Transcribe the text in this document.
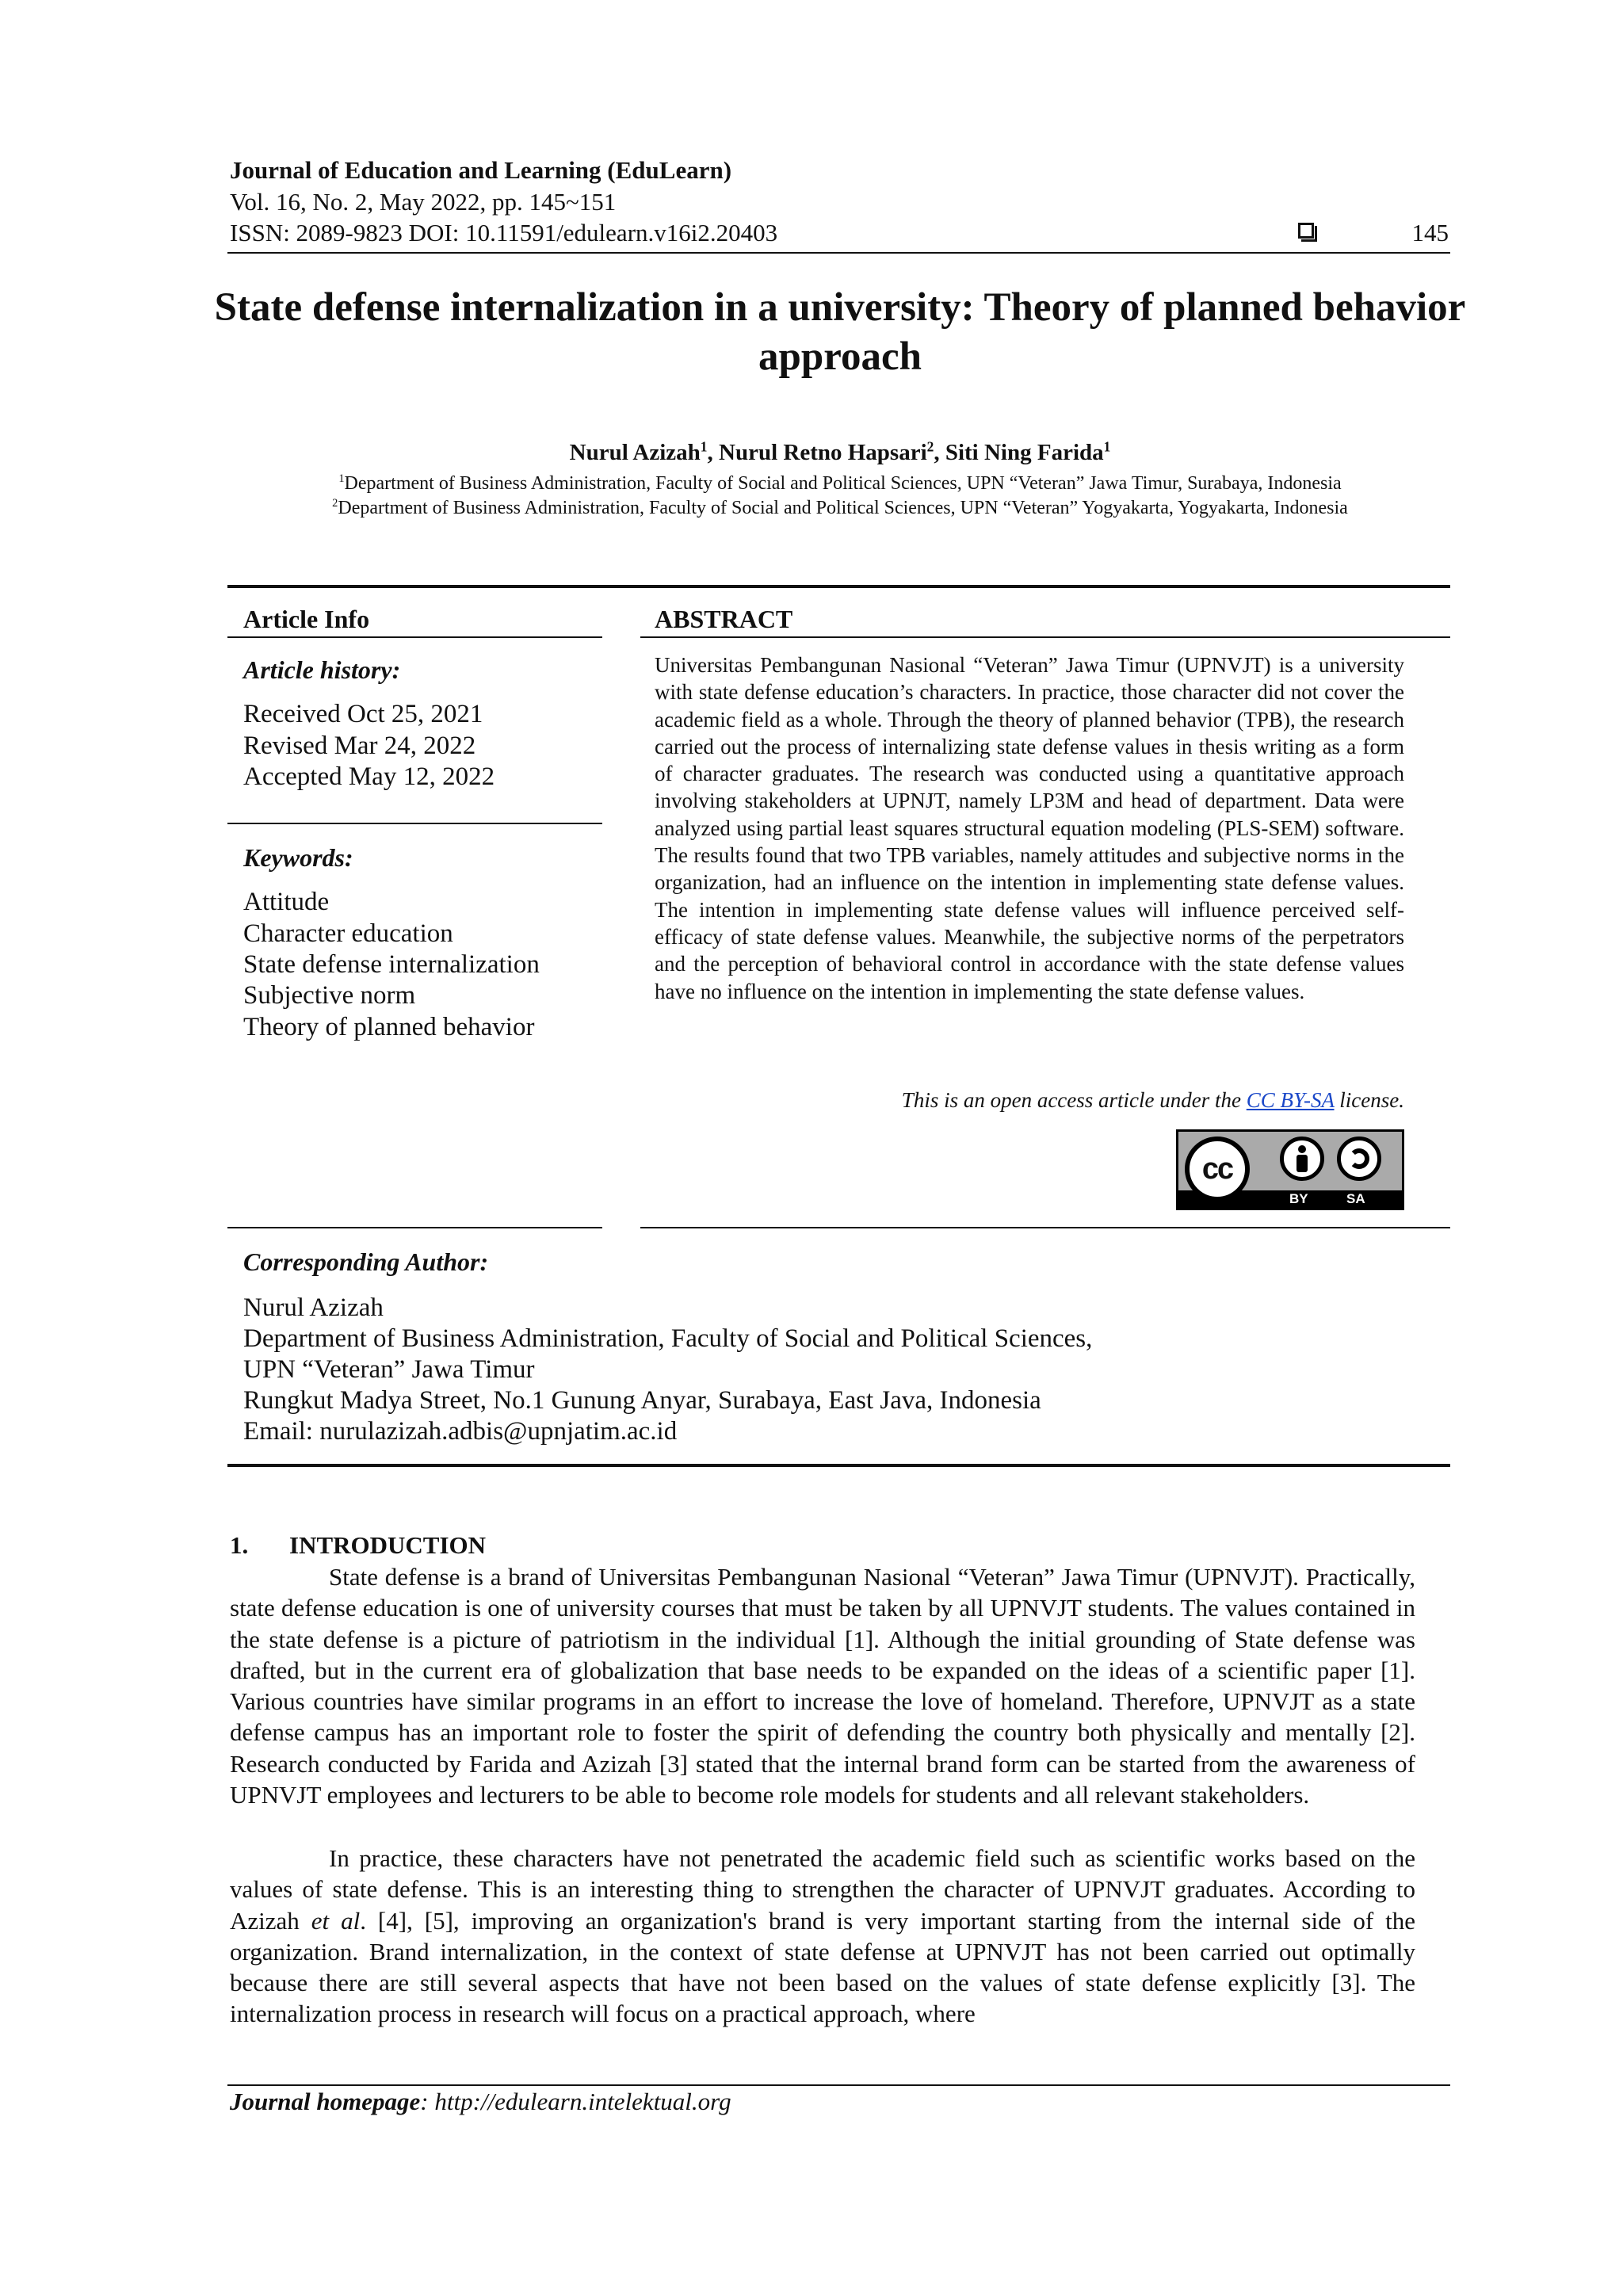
Journal of Education and Learning (EduLearn)
Vol. 16, No. 2, May 2022, pp. 145~151
ISSN: 2089-9823 DOI: 10.11591/edulearn.v16i2.20403	145
State defense internalization in a university: Theory of planned behavior approach
Nurul Azizah$^1$, Nurul Retno Hapsari$^2$, Siti Ning Farida$^1$
$^1$Department of Business Administration, Faculty of Social and Political Sciences, UPN “Veteran” Jawa Timur, Surabaya, Indonesia
$^2$Department of Business Administration, Faculty of Social and Political Sciences, UPN “Veteran” Yogyakarta, Yogyakarta, Indonesia
Article Info	ABSTRACT
Article history:
Received Oct 25, 2021
Revised Mar 24, 2022
Accepted May 12, 2022
Keywords:
Attitude
Character education
State defense internalization
Subjective norm
Theory of planned behavior
Universitas Pembangunan Nasional “Veteran” Jawa Timur (UPNVJT) is a university with state defense education’s characters. In practice, those character did not cover the academic field as a whole. Through the theory of planned behavior (TPB), the research carried out the process of internalizing state defense values in thesis writing as a form of character graduates. The research was conducted using a quantitative approach involving stakeholders at UPNJT, namely LP3M and head of department. Data were analyzed using partial least squares structural equation modeling (PLS-SEM) software. The results found that two TPB variables, namely attitudes and subjective norms in the organization, had an influence on the intention in implementing state defense values. The intention in implementing state defense values will influence perceived self-efficacy of state defense values. Meanwhile, the subjective norms of the perpetrators and the perception of behavioral control in accordance with the state defense values have no influence on the intention in implementing the state defense values.
This is an open access article under the CC BY-SA license.
cc
BY	SA
Corresponding Author:
Nurul Azizah
Department of Business Administration, Faculty of Social and Political Sciences,
UPN “Veteran” Jawa Timur
Rungkut Madya Street, No.1 Gunung Anyar, Surabaya, East Java, Indonesia
Email: nurulazizah.adbis@upnjatim.ac.id
1. INTRODUCTION
State defense is a brand of Universitas Pembangunan Nasional “Veteran” Jawa Timur (UPNVJT). Practically, state defense education is one of university courses that must be taken by all UPNVJT students. The values contained in the state defense is a picture of patriotism in the individual [1]. Although the initial grounding of State defense was drafted, but in the current era of globalization that base needs to be expanded on the ideas of a scientific paper [1]. Various countries have similar programs in an effort to increase the love of homeland. Therefore, UPNVJT as a state defense campus has an important role to foster the spirit of defending the country both physically and mentally [2]. Research conducted by Farida and Azizah [3] stated that the internal brand form can be started from the awareness of UPNVJT employees and lecturers to be able to become role models for students and all relevant stakeholders.
In practice, these characters have not penetrated the academic field such as scientific works based on the values of state defense. This is an interesting thing to strengthen the character of UPNVJT graduates. According to Azizah et al. [4], [5], improving an organization's brand is very important starting from the internal side of the organization. Brand internalization, in the context of state defense at UPNVJT has not been carried out optimally because there are still several aspects that have not been based on the values of state defense explicitly [3]. The internalization process in research will focus on a practical approach, where
Journal homepage: http://edulearn.intelektual.org
